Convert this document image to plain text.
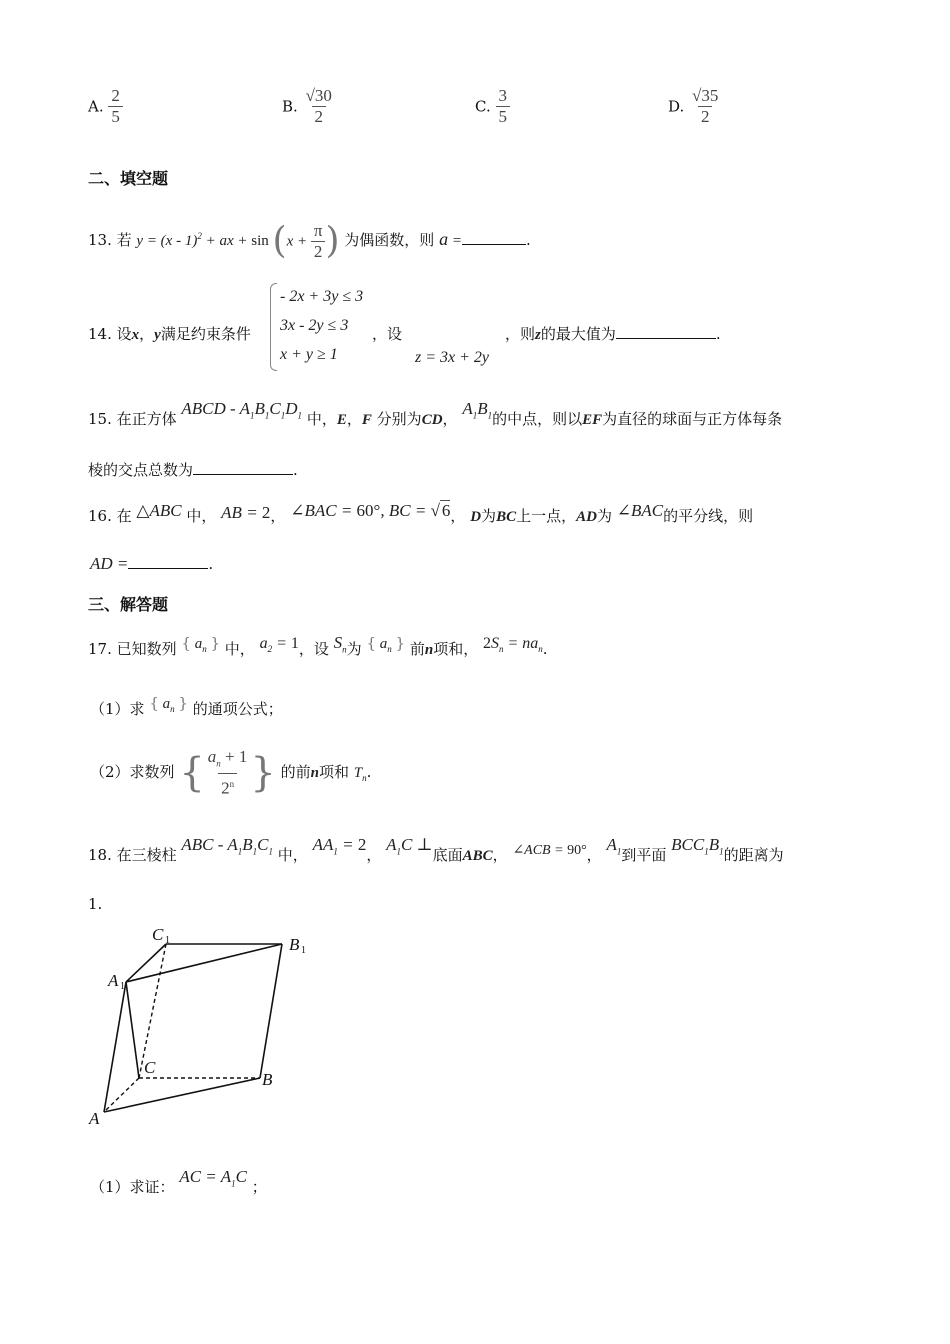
A. $\frac{2}{5}$	B. $\frac{√30}{2}$	C. $\frac{3}{5}$	D. $\frac{√35}{2}$
二、填空题
13. 若 y = (x - 1)$^2$ + ax + $\sin (x + \frac{\pi}{2}$ ) 为偶函数，则 a =	.
14. 设x，y满足约束条件
- 2x + 3y ≤ 3
3x - 2y ≤ 3
x + y ≥ 1
，设
z = 3x + 2y
，则z的最大值为	.
15. 在正方体 ABCD - $A_1B_1C_1D_1$ 中，E，F 分别为CD， $A_1B_1$的中点，则以EF为直径的球面与正方体每条
棱的交点总数为	.
16. 在 △ABC 中， AB = 2， ∠BAC = 60°, BC = √ 6， D为BC上一点，AD为 ∠BAC的平分线，则
AD =	.
三、解答题
17. 已知数列 { $a_n$ } 中， $a_2 = 1$，设 $S_n$为 { $a_n$ } 前n项和， $2S_n = na_n$.
（1）求 { $a_n$ } 的通项公式；
（2）求数列 { $\frac{a_n + 1}{2^n}$ } 的前n项和 $T_n$.
18. 在三棱柱 ABC - $A_1B_1C_1$ 中， $AA_1 = 2$， $A_1C$ ⊥底面ABC， ∠ACB = 90°， $A_1$到平面 $BCC_1B_1$的距离为
1.
C 1	B 1
A 1
C
B
A
（1）求证： AC = $A_1C$ ；
